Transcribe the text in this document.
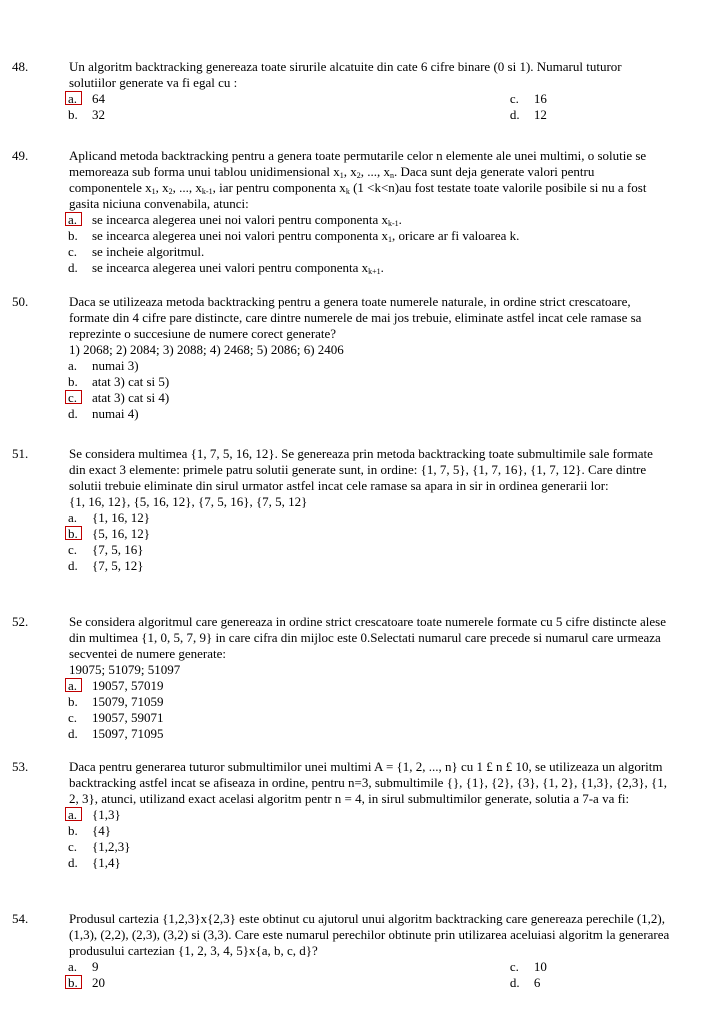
48.	Un algoritm backtracking genereaza toate sirurile alcatuite din cate 6 cifre binare (0 si 1). Numarul tuturor solutiilor generate va fi egal cu :
a.	64
b.	32
c.	16
d.	12
49.	Aplicand metoda backtracking pentru a genera toate permutarile celor n elemente ale unei multimi, o solutie se memoreaza sub forma unui tablou unidimensional $x_1$, $x_2$, ..., $x_n$. Daca sunt deja generate valori pentru componentele $x_1$, $x_2$, ..., $x_{k-1}$, iar pentru componenta $x_k$ (1 <k<n)au fost testate toate valorile posibile si nu a fost gasita niciuna convenabila, atunci:
a.	se incearca alegerea unei noi valori pentru componenta $x_{k-1}$.
b.	se incearca alegerea unei noi valori pentru componenta $x_1$, oricare ar fi valoarea k.
c.	se incheie algoritmul.
d.	se incearca alegerea unei valori pentru componenta $x_{k+1}$.
50.	Daca se utilizeaza metoda backtracking pentru a genera toate numerele naturale, in ordine strict crescatoare, formate din 4 cifre pare distincte, care dintre numerele de mai jos trebuie, eliminate astfel incat cele ramase sa reprezinte o succesiune de numere corect generate?
1) 2068; 2) 2084; 3) 2088; 4) 2468; 5) 2086; 6) 2406
a.	numai 3)
b.	atat 3) cat si 5)
c.	atat 3) cat si 4)
d.	numai 4)
51.	Se considera multimea {1, 7, 5, 16, 12}. Se genereaza prin metoda backtracking toate submultimile sale formate din exact 3 elemente: primele patru solutii generate sunt, in ordine: {1, 7, 5}, {1, 7, 16}, {1, 7, 12}. Care dintre solutii trebuie eliminate din sirul urmator astfel incat cele ramase sa apara in sir in ordinea generarii lor:
{1, 16, 12}, {5, 16, 12}, {7, 5, 16}, {7, 5, 12}
a.	{1, 16, 12}
b.	{5, 16, 12}
c.	{7, 5, 16}
d.	{7, 5, 12}
52.	Se considera algoritmul care genereaza in ordine strict crescatoare toate numerele formate cu 5 cifre distincte alese din multimea {1, 0, 5, 7, 9} in care cifra din mijloc este 0.Selectati numarul care precede si numarul care urmeaza secventei de numere generate:
19075; 51079; 51097
a.	19057, 57019
b.	15079, 71059
c.	19057, 59071
d.	15097, 71095
53.	Daca pentru generarea tuturor submultimilor unei multimi A = {1, 2, ..., n} cu 1 £ n £ 10, se utilizeaza un algoritm backtracking astfel incat se afiseaza in ordine, pentru n=3, submultimile {}, {1}, {2}, {3}, {1, 2}, {1,3}, {2,3}, {1, 2, 3}, atunci, utilizand exact acelasi algoritm pentr n = 4, in sirul submultimilor generate, solutia a 7-a va fi:
a.	{1,3}
b.	{4}
c.	{1,2,3}
d.	{1,4}
54.	Produsul cartezia {1,2,3}x{2,3} este obtinut cu ajutorul unui algoritm backtracking care genereaza perechile (1,2), (1,3), (2,2), (2,3), (3,2) si (3,3). Care este numarul perechilor obtinute prin utilizarea aceluiasi algoritm la generarea produsului cartezian {1, 2, 3, 4, 5}x{a, b, c, d}?
a.	9
b.	20
c.	10
d.	6
